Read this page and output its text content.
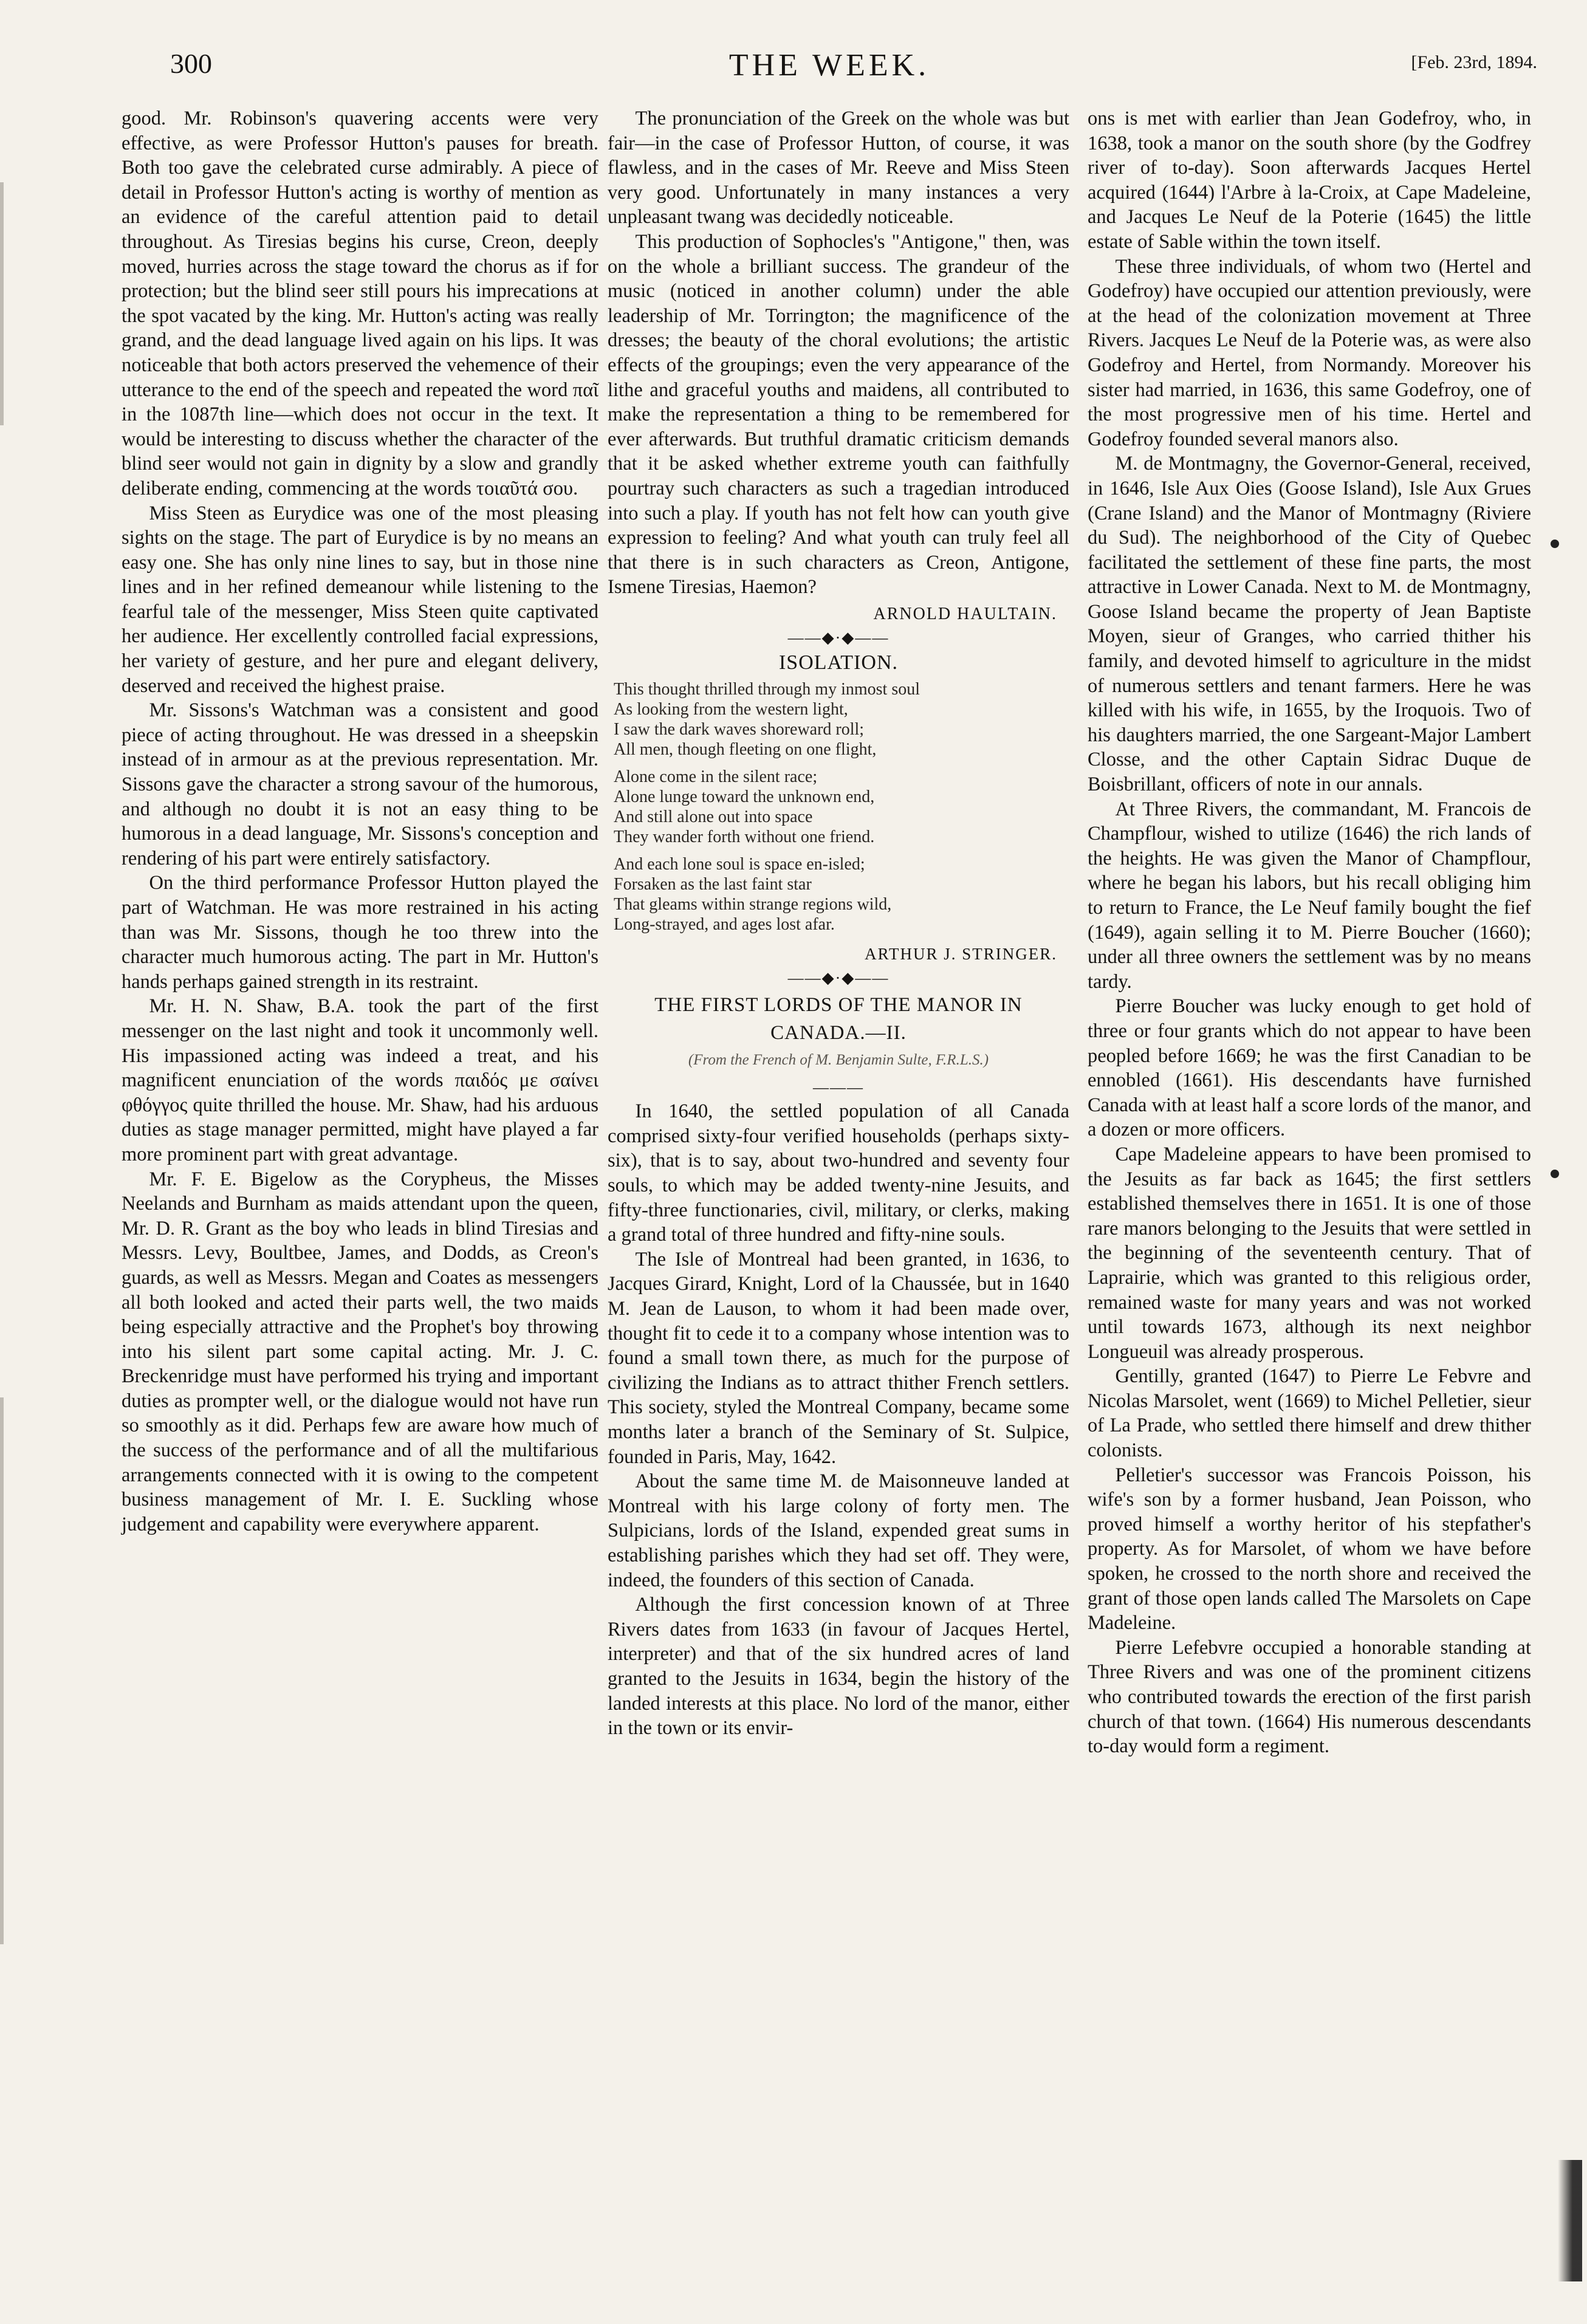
300	THE WEEK.	[Feb. 23rd, 1894.

good. Mr. Robinson's quavering accents were very effective, as were Professor Hutton's pauses for breath. Both too gave the celebrated curse admirably. A piece of detail in Professor Hutton's acting is worthy of mention as an evidence of the careful attention paid to detail throughout. As Tiresias begins his curse, Creon, deeply moved, hurries across the stage toward the chorus as if for protection; but the blind seer still pours his imprecations at the spot vacated by the king. Mr. Hutton's acting was really grand, and the dead language lived again on his lips. It was noticeable that both actors preserved the vehemence of their utterance to the end of the speech and repeated the word παῖ in the 1087th line—which does not occur in the text. It would be interesting to discuss whether the character of the blind seer would not gain in dignity by a slow and grandly deliberate ending, commencing at the words τοιαῦτά σου.

Miss Steen as Eurydice was one of the most pleasing sights on the stage. The part of Eurydice is by no means an easy one. She has only nine lines to say, but in those nine lines and in her refined demeanour while listening to the fearful tale of the messenger, Miss Steen quite captivated her audience. Her excellently controlled facial expressions, her variety of gesture, and her pure and elegant delivery, deserved and received the highest praise.

Mr. Sissons's Watchman was a consistent and good piece of acting throughout. He was dressed in a sheepskin instead of in armour as at the previous representation. Mr. Sissons gave the character a strong savour of the humorous, and although no doubt it is not an easy thing to be humorous in a dead language, Mr. Sissons's conception and rendering of his part were entirely satisfactory.

On the third performance Professor Hutton played the part of Watchman. He was more restrained in his acting than was Mr. Sissons, though he too threw into the character much humorous acting. The part in Mr. Hutton's hands perhaps gained strength in its restraint.

Mr. H. N. Shaw, B.A. took the part of the first messenger on the last night and took it uncommonly well. His impassioned acting was indeed a treat, and his magnificent enunciation of the words παιδός με σαίνει φθόγγος quite thrilled the house. Mr. Shaw, had his arduous duties as stage manager permitted, might have played a far more prominent part with great advantage.

Mr. F. E. Bigelow as the Corypheus, the Misses Neelands and Burnham as maids attendant upon the queen, Mr. D. R. Grant as the boy who leads in blind Tiresias and Messrs. Levy, Boultbee, James, and Dodds, as Creon's guards, as well as Messrs. Megan and Coates as messengers all both looked and acted their parts well, the two maids being especially attractive and the Prophet's boy throwing into his silent part some capital acting. Mr. J. C. Breckenridge must have performed his trying and important duties as prompter well, or the dialogue would not have run so smoothly as it did. Perhaps few are aware how much of the success of the performance and of all the multifarious arrangements connected with it is owing to the competent business management of Mr. I. E. Suckling whose judgement and capability were everywhere apparent.

The pronunciation of the Greek on the whole was but fair—in the case of Professor Hutton, of course, it was flawless, and in the cases of Mr. Reeve and Miss Steen very good. Unfortunately in many instances a very unpleasant twang was decidedly noticeable.

This production of Sophocles's "Antigone," then, was on the whole a brilliant success. The grandeur of the music (noticed in another column) under the able leadership of Mr. Torrington; the magnificence of the dresses; the beauty of the choral evolutions; the artistic effects of the groupings; even the very appearance of the lithe and graceful youths and maidens, all contributed to make the representation a thing to be remembered for ever afterwards. But truthful dramatic criticism demands that it be asked whether extreme youth can faithfully pourtray such characters as such a tragedian introduced into such a play. If youth has not felt how can youth give expression to feeling? And what youth can truly feel all that there is in such characters as Creon, Antigone, Ismene Tiresias, Haemon?

ARNOLD HAULTAIN.
——◆·◆——
ISOLATION.
This thought thrilled through my inmost soul
As looking from the western light,
I saw the dark waves shoreward roll;
All men, though fleeting on one flight,
Alone come in the silent race;
Alone lunge toward the unknown end,
And still alone out into space
They wander forth without one friend.
And each lone soul is space en-isled;
Forsaken as the last faint star
That gleams within strange regions wild,
Long-strayed, and ages lost afar.
ARTHUR J. STRINGER.
——◆·◆——
THE FIRST LORDS OF THE MANOR IN
CANADA.—II.
(From the French of M. Benjamin Sulte, F.R.L.S.)
———

In 1640, the settled population of all Canada comprised sixty-four verified households (perhaps sixty-six), that is to say, about two-hundred and seventy four souls, to which may be added twenty-nine Jesuits, and fifty-three functionaries, civil, military, or clerks, making a grand total of three hundred and fifty-nine souls.

The Isle of Montreal had been granted, in 1636, to Jacques Girard, Knight, Lord of la Chaussée, but in 1640 M. Jean de Lauson, to whom it had been made over, thought fit to cede it to a company whose intention was to found a small town there, as much for the purpose of civilizing the Indians as to attract thither French settlers. This society, styled the Montreal Company, became some months later a branch of the Seminary of St. Sulpice, founded in Paris, May, 1642.

About the same time M. de Maisonneuve landed at Montreal with his large colony of forty men. The Sulpicians, lords of the Island, expended great sums in establishing parishes which they had set off. They were, indeed, the founders of this section of Canada.

Although the first concession known of at Three Rivers dates from 1633 (in favour of Jacques Hertel, interpreter) and that of the six hundred acres of land granted to the Jesuits in 1634, begin the history of the landed interests at this place. No lord of the manor, either in the town or its envir-

ons is met with earlier than Jean Godefroy, who, in 1638, took a manor on the south shore (by the Godfrey river of to-day). Soon afterwards Jacques Hertel acquired (1644) l'Arbre à la-Croix, at Cape Madeleine, and Jacques Le Neuf de la Poterie (1645) the little estate of Sable within the town itself.

These three individuals, of whom two (Hertel and Godefroy) have occupied our attention previously, were at the head of the colonization movement at Three Rivers. Jacques Le Neuf de la Poterie was, as were also Godefroy and Hertel, from Normandy. Moreover his sister had married, in 1636, this same Godefroy, one of the most progressive men of his time. Hertel and Godefroy founded several manors also.

M. de Montmagny, the Governor-General, received, in 1646, Isle Aux Oies (Goose Island), Isle Aux Grues (Crane Island) and the Manor of Montmagny (Riviere du Sud). The neighborhood of the City of Quebec facilitated the settlement of these fine parts, the most attractive in Lower Canada. Next to M. de Montmagny, Goose Island became the property of Jean Baptiste Moyen, sieur of Granges, who carried thither his family, and devoted himself to agriculture in the midst of numerous settlers and tenant farmers. Here he was killed with his wife, in 1655, by the Iroquois. Two of his daughters married, the one Sargeant-Major Lambert Closse, and the other Captain Sidrac Duque de Boisbrillant, officers of note in our annals.

At Three Rivers, the commandant, M. Francois de Champflour, wished to utilize (1646) the rich lands of the heights. He was given the Manor of Champflour, where he began his labors, but his recall obliging him to return to France, the Le Neuf family bought the fief (1649), again selling it to M. Pierre Boucher (1660); under all three owners the settlement was by no means tardy.

Pierre Boucher was lucky enough to get hold of three or four grants which do not appear to have been peopled before 1669; he was the first Canadian to be ennobled (1661). His descendants have furnished Canada with at least half a score lords of the manor, and a dozen or more officers.

Cape Madeleine appears to have been promised to the Jesuits as far back as 1645; the first settlers established themselves there in 1651. It is one of those rare manors belonging to the Jesuits that were settled in the beginning of the seventeenth century. That of Laprairie, which was granted to this religious order, remained waste for many years and was not worked until towards 1673, although its next neighbor Longueuil was already prosperous.

Gentilly, granted (1647) to Pierre Le Febvre and Nicolas Marsolet, went (1669) to Michel Pelletier, sieur of La Prade, who settled there himself and drew thither colonists.

Pelletier's successor was Francois Poisson, his wife's son by a former husband, Jean Poisson, who proved himself a worthy heritor of his stepfather's property. As for Marsolet, of whom we have before spoken, he crossed to the north shore and received the grant of those open lands called The Marsolets on Cape Madeleine.

Pierre Lefebvre occupied a honorable standing at Three Rivers and was one of the prominent citizens who contributed towards the erection of the first parish church of that town. (1664) His numerous descendants to-day would form a regiment.
